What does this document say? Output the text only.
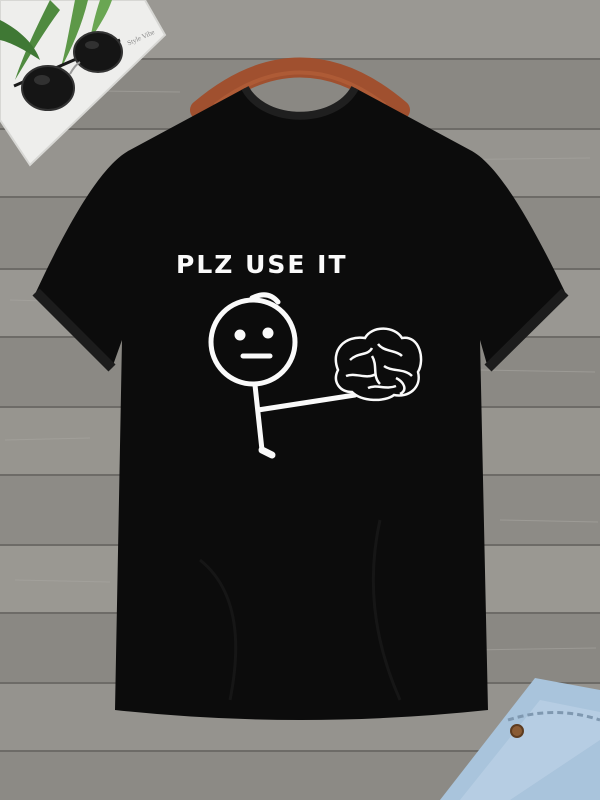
PLZ USE IT
Style Vibe
